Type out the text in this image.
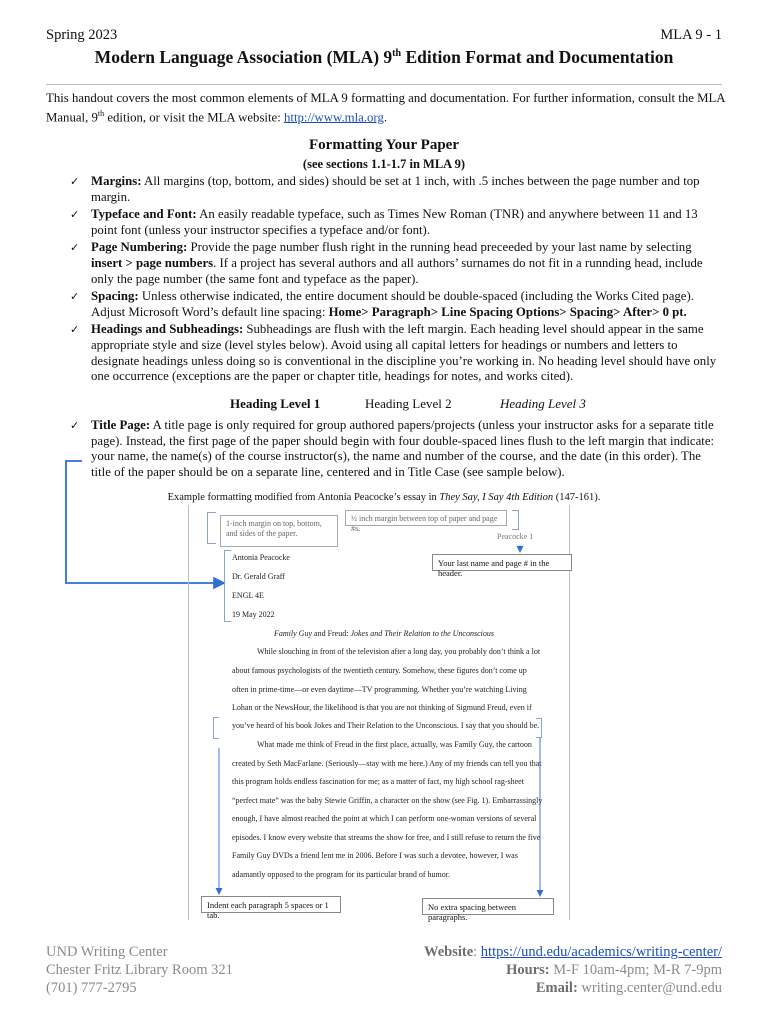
Spring 2023	MLA 9 - 1
Modern Language Association (MLA) 9th Edition Format and Documentation
This handout covers the most common elements of MLA 9 formatting and documentation. For further information, consult the MLA Manual, 9th edition, or visit the MLA website: http://www.mla.org.
Formatting Your Paper
(see sections 1.1-1.7 in MLA 9)
✓ Margins: All margins (top, bottom, and sides) should be set at 1 inch, with .5 inches between the page number and top margin.
✓ Typeface and Font: An easily readable typeface, such as Times New Roman (TNR) and anywhere between 11 and 13 point font (unless your instructor specifies a typeface and/or font).
✓ Page Numbering: Provide the page number flush right in the running head preceeded by your last name by selecting insert > page numbers. If a project has several authors and all authors’ surnames do not fit in a runnding head, include only the page number (the same font and typeface as the paper).
✓ Spacing: Unless otherwise indicated, the entire document should be double-spaced (including the Works Cited page). Adjust Microsoft Word’s default line spacing: Home> Paragraph> Line Spacing Options> Spacing> After> 0 pt.
✓ Headings and Subheadings: Subheadings are flush with the left margin. Each heading level should appear in the same appropriate style and size (level styles below). Avoid using all capital letters for headings or numbers and letters to designate headings unless doing so is conventional in the discipline you’re working in. No heading level should have only one occurrence (exceptions are the paper or chapter title, headings for notes, and works cited).
Heading Level 1	Heading Level 2	Heading Level 3
✓ Title Page: A title page is only required for group authored papers/projects (unless your instructor asks for a separate title page). Instead, the first page of the paper should begin with four double-spaced lines flush to the left margin that indicate: your name, the name(s) of the course instructor(s), the name and number of the course, and the date (in this order). The title of the paper should be on a separate line, centered and in Title Case (see sample below).
Example formatting modified from Antonia Peacocke’s essay in They Say, I Say 4th Edition (147-161).
1-inch margin on top, bottom, and sides of the paper.
½ inch margin between top of paper and page #s.
Peacocke 1
Your last name and page # in the header.
Antonia Peacocke
Dr. Gerald Graff
ENGL 4E
19 May 2022
Family Guy and Freud: Jokes and Their Relation to the Unconscious
While slouching in front of the television after a long day, you probably don’t think a lot
about famous psychologists of the twentieth century. Somehow, these figures don’t come up
often in prime-time—or even daytime—TV programming. Whether you’re watching Living
Lohan or the NewsHour, the likelihood is that you are not thinking of Sigmund Freud, even if
you’ve heard of his book Jokes and Their Relation to the Unconscious. I say that you should be.
What made me think of Freud in the first place, actually, was Family Guy, the cartoon
created by Seth MacFarlane. (Seriously—stay with me here.) Any of my friends can tell you that
this program holds endless fascination for me; as a matter of fact, my high school rag-sheet
“perfect mate” was the baby Stewie Griffin, a character on the show (see Fig. 1). Embarrassingly
enough, I have almost reached the point at which I can perform one-woman versions of several
episodes. I know every website that streams the show for free, and I still refuse to return the five
Family Guy DVDs a friend lent me in 2006. Before I was such a devotee, however, I was
adamantly opposed to the program for its particular brand of humor.
Indent each paragraph 5 spaces or 1 tab.
No extra spacing between paragraphs.
UND Writing Center
Chester Fritz Library Room 321
(701) 777-2795
Website: https://und.edu/academics/writing-center/
Hours: M-F 10am-4pm; M-R 7-9pm
Email: writing.center@und.edu
